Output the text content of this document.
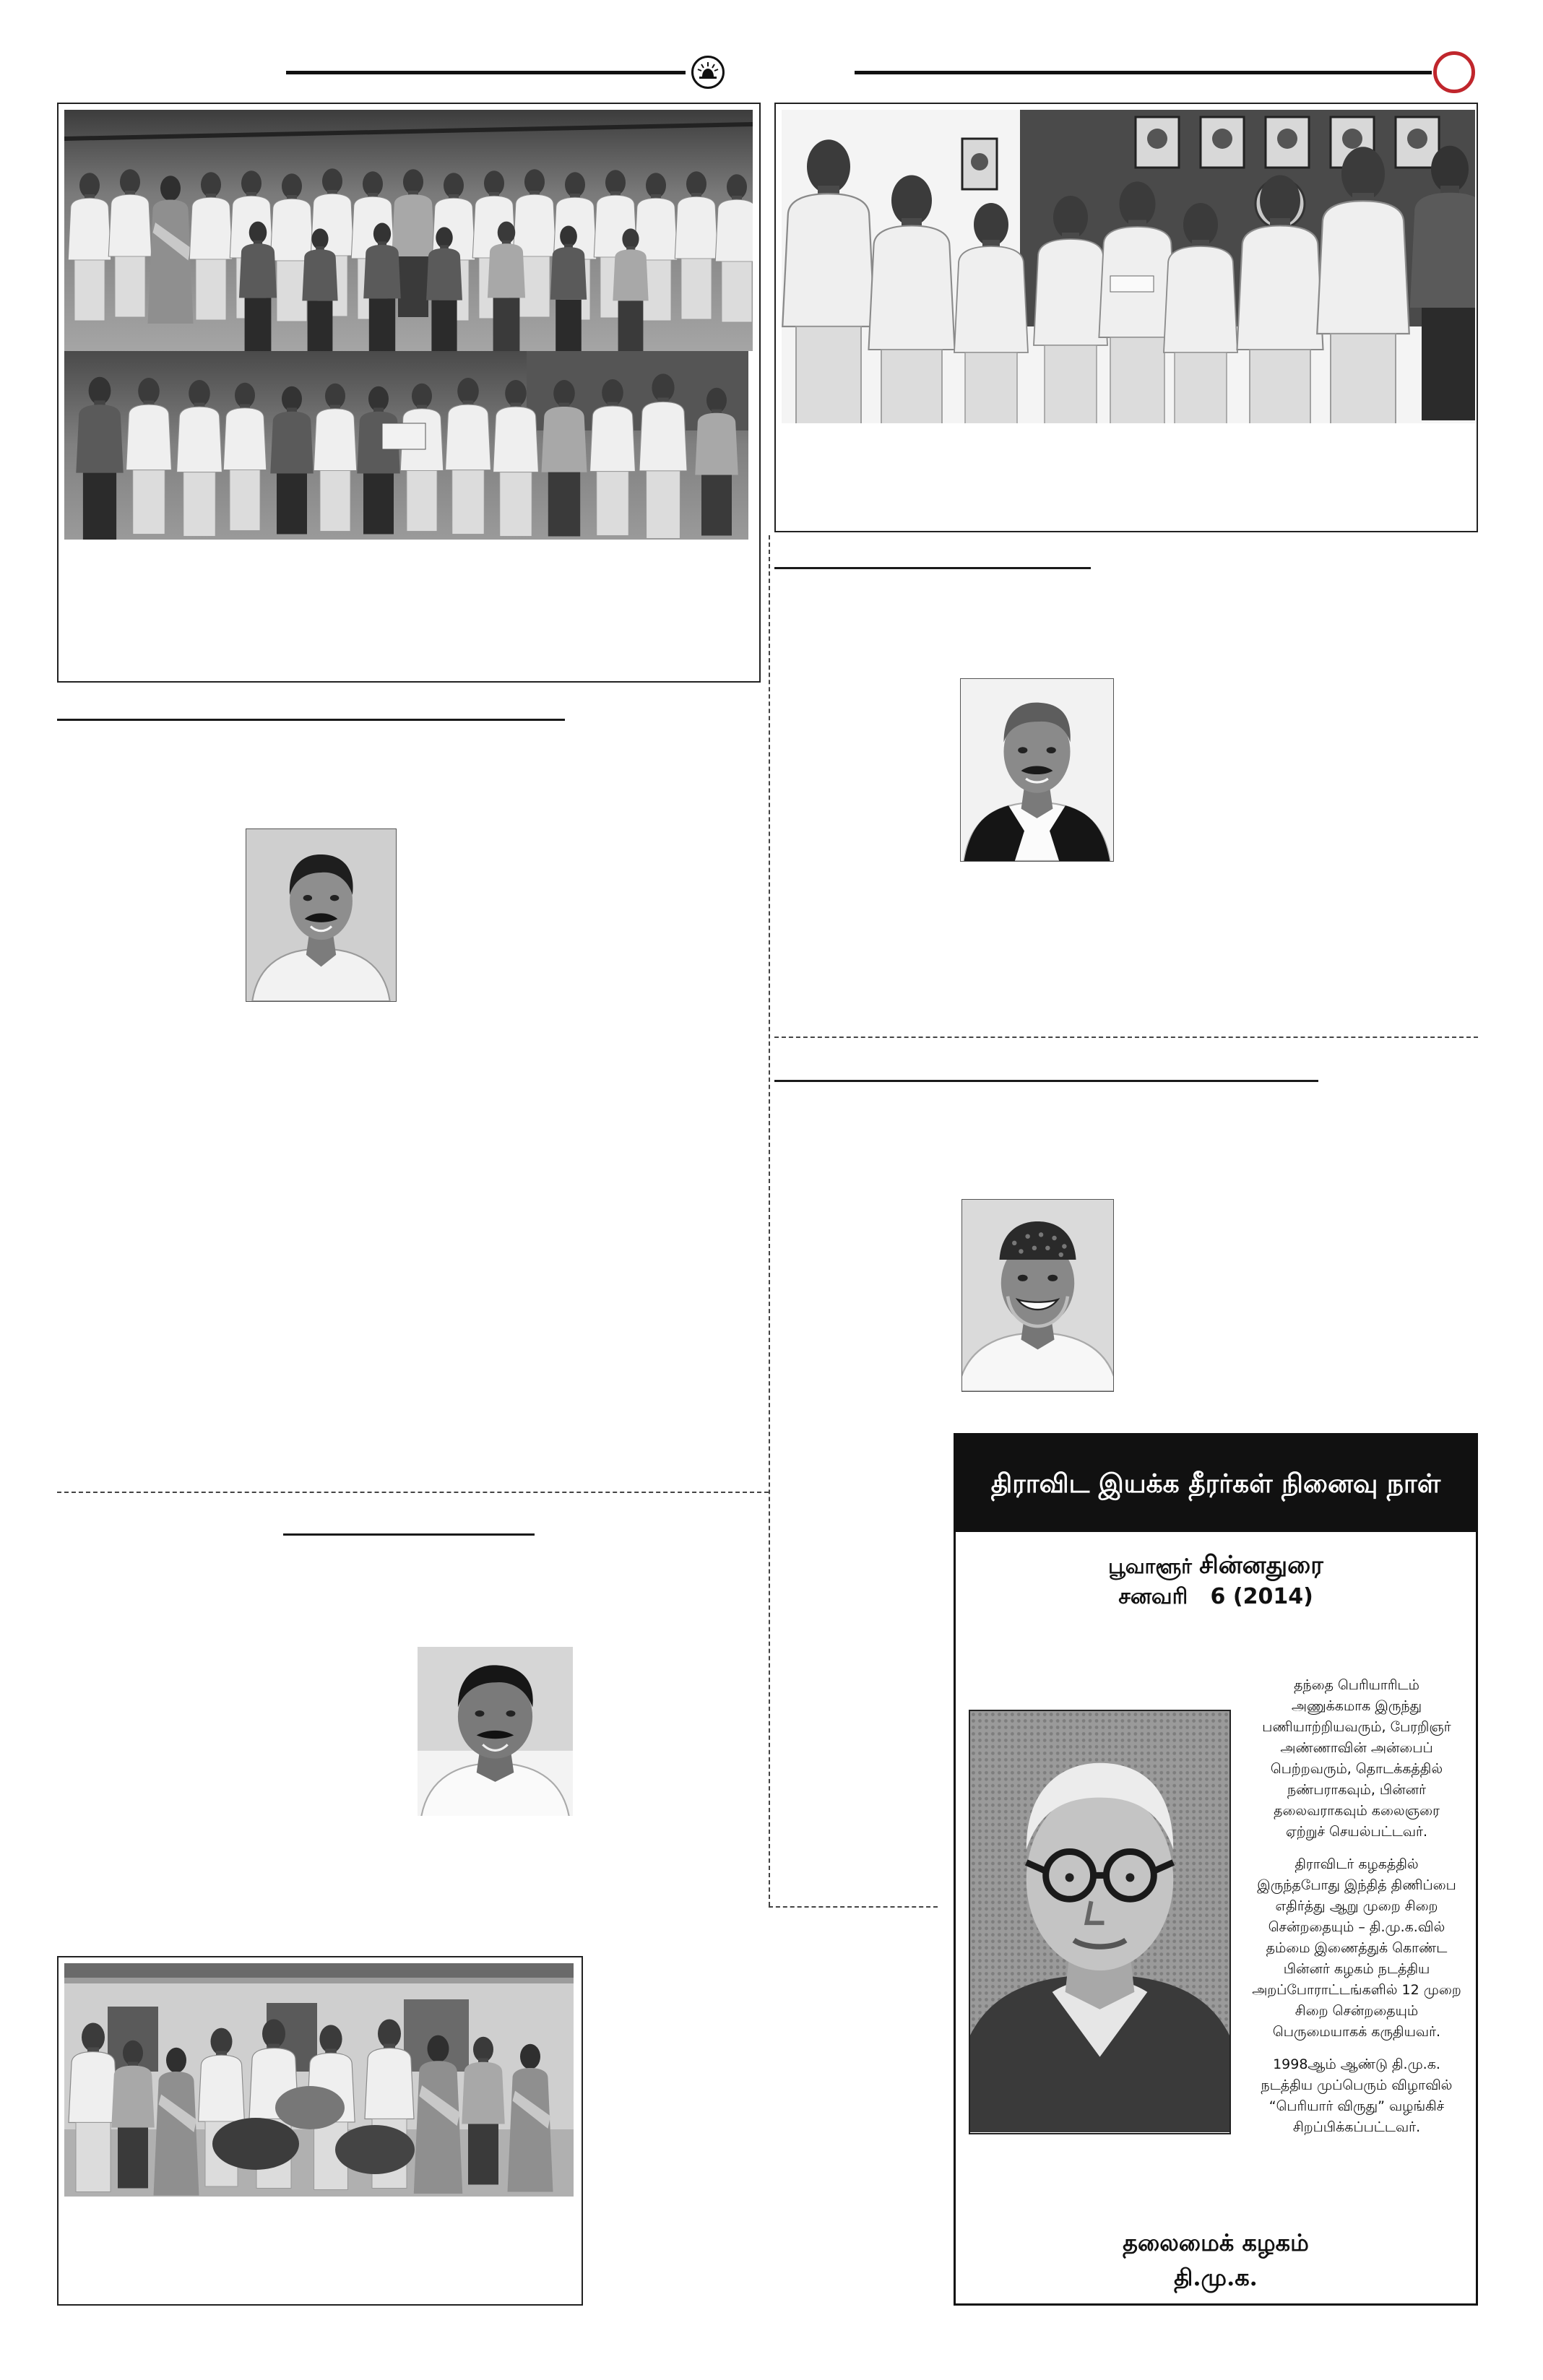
திராவிட இயக்க தீரர்கள் நினைவு நாள்
பூவாளூர் சின்னதுரை
சனவரி   6 (2014)
தந்தை பெரியாரிடம்
அணுக்கமாக இருந்து
பணியாற்றியவரும், பேரறிஞர்
அண்ணாவின் அன்பைப்
பெற்றவரும், தொடக்கத்தில்
நண்பராகவும், பின்னர்
தலைவராகவும் கலைஞரை
ஏற்றுச் செயல்பட்டவர்.
திராவிடர் கழகத்தில்
இருந்தபோது இந்தித் திணிப்பை
எதிர்த்து ஆறு முறை சிறை
சென்றதையும் – தி.மு.க.வில்
தம்மை இணைத்துக் கொண்ட
பின்னர் கழகம் நடத்திய
அறப்போராட்டங்களில் 12 முறை
சிறை சென்றதையும்
பெருமையாகக் கருதியவர்.
1998ஆம் ஆண்டு தி.மு.க.
நடத்திய முப்பெரும் விழாவில்
“பெரியார் விருது” வழங்கிச்
சிறப்பிக்கப்பட்டவர்.
தலைமைக் கழகம்
தி.மு.க.
